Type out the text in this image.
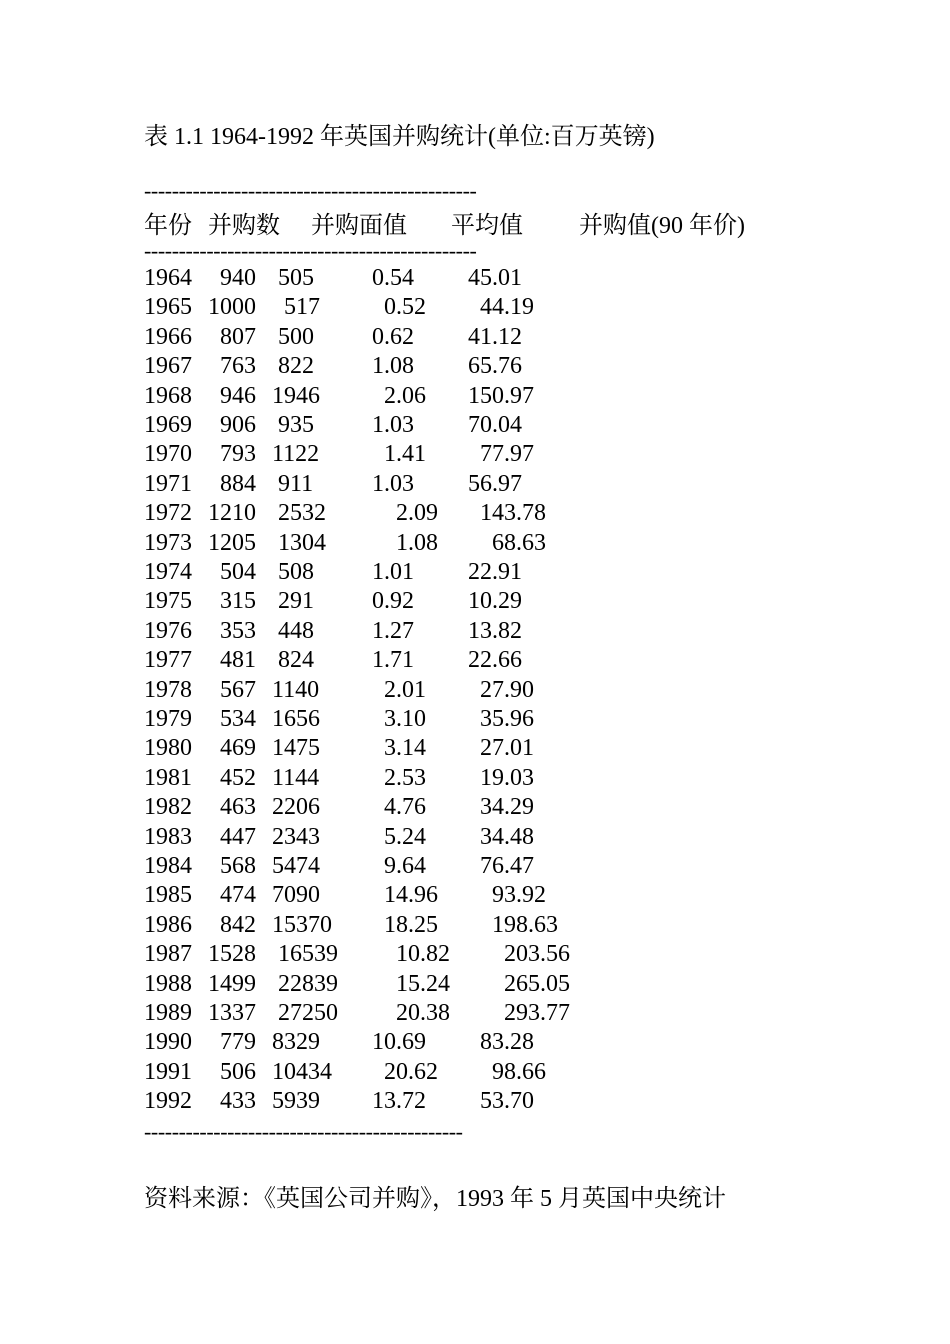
表 1.1 1964-1992 年英国并购统计(单位:百万英镑)
------------------------------------------------
年份 并购数 并购面值 平均值 并购值(90 年价)
------------------------------------------------
1964 940 505 0.54 45.01
1965 1000 517 0.52 44.19
1966 807 500 0.62 41.12
1967 763 822 1.08 65.76
1968 946 1946 2.06 150.97
1969 906 935 1.03 70.04
1970 793 1122 1.41 77.97
1971 884 911 1.03 56.97
1972 1210 2532 2.09 143.78
1973 1205 1304 1.08 68.63
1974 504 508 1.01 22.91
1975 315 291 0.92 10.29
1976 353 448 1.27 13.82
1977 481 824 1.71 22.66
1978 567 1140 2.01 27.90
1979 534 1656 3.10 35.96
1980 469 1475 3.14 27.01
1981 452 1144 2.53 19.03
1982 463 2206 4.76 34.29
1983 447 2343 5.24 34.48
1984 568 5474 9.64 76.47
1985 474 7090 14.96 93.92
1986 842 15370 18.25 198.63
1987 1528 16539 10.82 203.56
1988 1499 22839 15.24 265.05
1989 1337 27250 20.38 293.77
1990 779 8329 10.69 83.28
1991 506 10434 20.62 98.66
1992 433 5939 13.72 53.70
----------------------------------------------
资料来源：《英国公司并购》，1993 年 5 月英国中央统计
